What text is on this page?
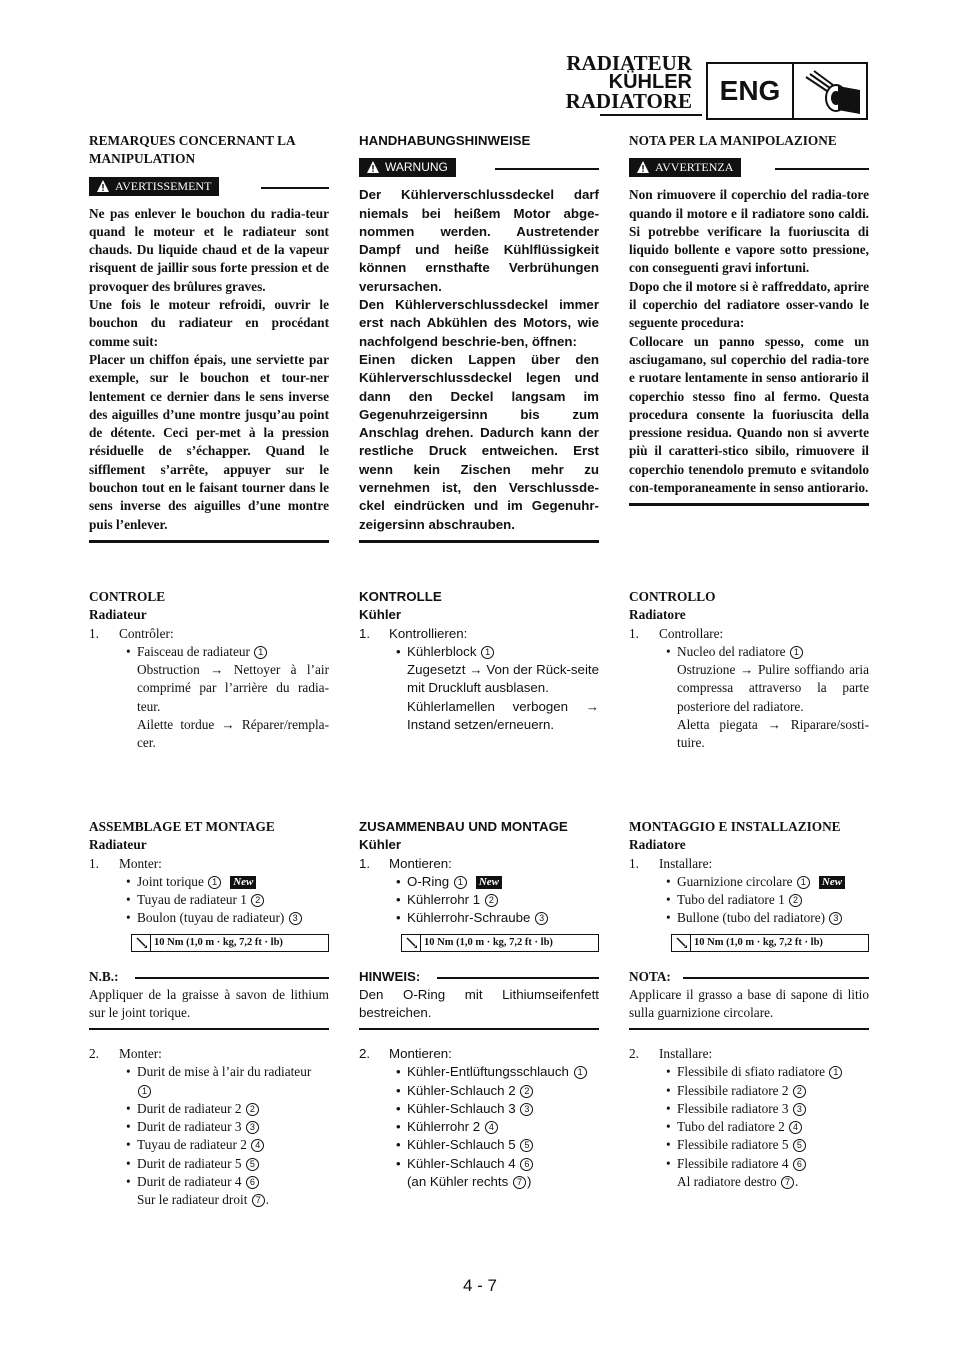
RADIATEUR
KÜHLER
RADIATORE ENG
REMARQUES CONCERNANT LA MANIPULATION
AVERTISSEMENT
Ne pas enlever le bouchon du radia-teur quand le moteur et le radiateur sont chauds. Du liquide chaud et de la vapeur risquent de jaillir sous forte pression et de provoquer des brûlures graves.
Une fois le moteur refroidi, ouvrir le bouchon du radiateur en procédant comme suit:
Placer un chiffon épais, une serviette par exemple, sur le bouchon et tour-ner lentement ce dernier dans le sens inverse des aiguilles d’une montre jusqu’au point de détente. Ceci per-met à la pression résiduelle de s’échapper. Quand le sifflement s’arrête, appuyer sur le bouchon tout en le faisant tourner dans le sens inverse des aiguilles d’une montre puis l’enlever.
CONTROLE
Radiateur
1. Contrôler:
• Faisceau de radiateur 1
Obstruction → Nettoyer à l’air comprimé par l’arrière du radia-teur.
Ailette tordue → Réparer/rempla-cer.
ASSEMBLAGE ET MONTAGE
Radiateur
1. Monter:
• Joint torique 1 New
• Tuyau de radiateur 1 2
• Boulon (tuyau de radiateur) 3
10 Nm (1,0 m · kg, 7,2 ft · lb)
N.B.:
Appliquer de la graisse à savon de lithium sur le joint torique.
2. Monter:
• Durit de mise à l’air du radiateur
1
• Durit de radiateur 2 2
• Durit de radiateur 3 3
• Tuyau de radiateur 2 4
• Durit de radiateur 5 5
• Durit de radiateur 4 6
Sur le radiateur droit 7 .
HANDHABUNGSHINWEISE
WARNUNG
Der Kühlerverschlussdeckel darf niemals bei heißem Motor abge-nommen werden. Austretender Dampf und heiße Kühlflüssigkeit können ernsthafte Verbrühungen verursachen.
Den Kühlerverschlussdeckel immer erst nach Abkühlen des Motors, wie nachfolgend beschrie-ben, öffnen:
Einen dicken Lappen über den Kühlerverschlussdeckel legen und dann den Deckel langsam im Gegenuhrzeigersinn bis zum Anschlag drehen. Dadurch kann der restliche Druck entweichen. Erst wenn kein Zischen mehr zu vernehmen ist, den Verschlussde-ckel eindrücken und im Gegenuhr-zeigersinn abschrauben.
KONTROLLE
Kühler
1. Kontrollieren:
• Kühlerblock 1
Zugesetzt → Von der Rück-seite mit Druckluft ausblasen.
Kühlerlamellen verbogen → Instand setzen/erneuern.
ZUSAMMENBAU UND MONTAGE
Kühler
1. Montieren:
• O-Ring 1 New
• Kühlerrohr 1 2
• Kühlerrohr-Schraube 3
10 Nm (1,0 m · kg, 7,2 ft · lb)
HINWEIS:
Den O-Ring mit Lithiumseifenfett bestreichen.
2. Montieren:
• Kühler-Entlüftungsschlauch 1
• Kühler-Schlauch 2 2
• Kühler-Schlauch 3 3
• Kühlerrohr 2 4
• Kühler-Schlauch 5 5
• Kühler-Schlauch 4 6
(an Kühler rechts 7 )
NOTA PER LA MANIPOLAZIONE
AVVERTENZA
Non rimuovere il coperchio del radia-tore quando il motore e il radiatore sono caldi. Si potrebbe verificare la fuoriuscita di liquido bollente e vapore sotto pressione, con conseguenti gravi infortuni.
Dopo che il motore si è raffreddato, aprire il coperchio del radiatore osser-vando le seguente procedura:
Collocare un panno spesso, come un asciugamano, sul coperchio del radia-tore e ruotare lentamente in senso antiorario il coperchio stesso fino al fermo. Questa procedura consente la fuoriuscita della pressione residua. Quando non si avverte più il caratteri-stico sibilo, rimuovere il coperchio tenendolo premuto e svitandolo con-temporaneamente in senso antiorario.
CONTROLLO
Radiatore
1. Controllare:
• Nucleo del radiatore 1
Ostruzione → Pulire soffiando aria compressa attraverso la parte posteriore del radiatore.
Aletta piegata → Riparare/sosti-tuire.
MONTAGGIO E INSTALLAZIONE
Radiatore
1. Installare:
• Guarnizione circolare 1 New
• Tubo del radiatore 1 2
• Bullone (tubo del radiatore) 3
10 Nm (1,0 m · kg, 7,2 ft · lb)
NOTA:
Applicare il grasso a base di sapone di litio sulla guarnizione circolare.
2. Installare:
• Flessibile di sfiato radiatore 1
• Flessibile radiatore 2 2
• Flessibile radiatore 3 3
• Tubo del radiatore 2 4
• Flessibile radiatore 5 5
• Flessibile radiatore 4 6
Al radiatore destro 7 .
4 - 7
